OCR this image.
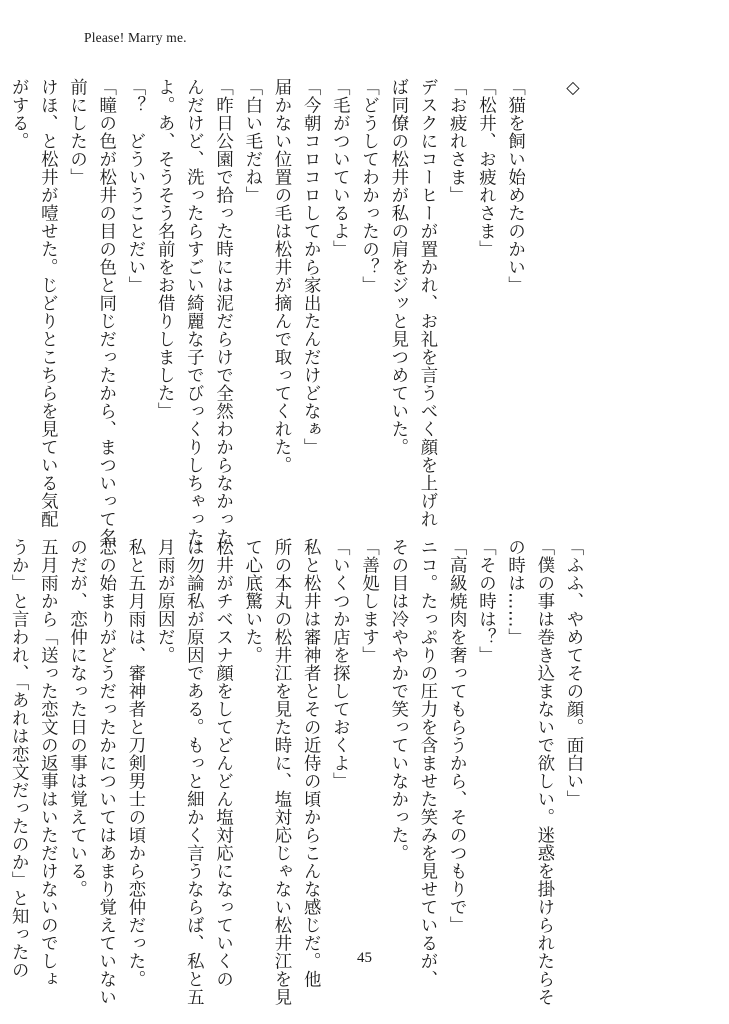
Please! Marry me.
◇

「猫を飼い始めたのかい」
「松井、お疲れさま」
「お疲れさま」
デスクにコーヒーが置かれ、お礼を言うべく顔を上げれ
ば同僚の松井が私の肩をジッと見つめていた。
「どうしてわかったの？」
「毛がついているよ」
「今朝コロコロしてから家出たんだけどなぁ」
届かない位置の毛は松井が摘んで取ってくれた。
「白い毛だね」
「昨日公園で拾った時には泥だらけで全然わからなかった
んだけど、洗ったらすごい綺麗な子でびっくりしちゃった
よ。あ、そうそう名前をお借りしました」
「？　どういうことだい」
「瞳の色が松井の目の色と同じだったから、まついって名
前にしたの」
けほ、と松井が噎せた。じどりとこちらを見ている気配
がする。

「ふふ、やめてその顔。面白い」
「僕の事は巻き込まないで欲しい。迷惑を掛けられたらそ
の時は……」
「その時は？」
「高級焼肉を奢ってもらうから、そのつもりで」
ニコ。たっぷりの圧力を含ませた笑みを見せているが、
その目は冷ややかで笑っていなかった。
「善処します」
「いくつか店を探しておくよ」
私と松井は審神者とその近侍の頃からこんな感じだ。他
所の本丸の松井江を見た時に、塩対応じゃない松井江を見
て心底驚いた。
松井がチベスナ顔をしてどんどん塩対応になっていくの
は勿論私が原因である。もっと細かく言うならば、私と五
月雨が原因だ。
私と五月雨は、審神者と刀剣男士の頃から恋仲だった。
恋の始まりがどうだったかについてはあまり覚えていない
のだが、恋仲になった日の事は覚えている。
五月雨から「送った恋文の返事はいただけないのでしょ
うか」と言われ、「あれは恋文だったのか」と知ったの	45
